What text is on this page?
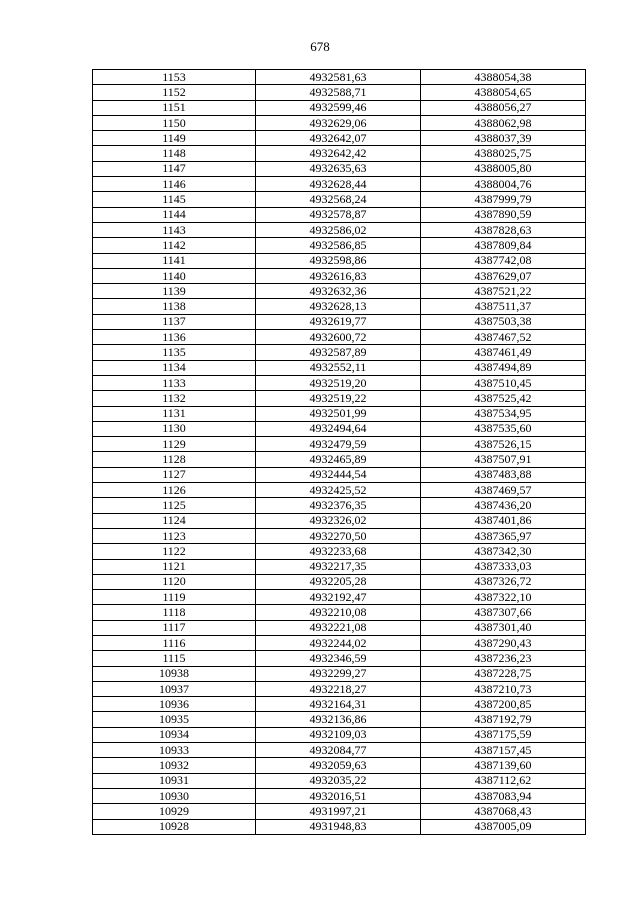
678
1153	4932581,63	4388054,38
1152	4932588,71	4388054,65
1151	4932599,46	4388056,27
1150	4932629,06	4388062,98
1149	4932642,07	4388037,39
1148	4932642,42	4388025,75
1147	4932635,63	4388005,80
1146	4932628,44	4388004,76
1145	4932568,24	4387999,79
1144	4932578,87	4387890,59
1143	4932586,02	4387828,63
1142	4932586,85	4387809,84
1141	4932598,86	4387742,08
1140	4932616,83	4387629,07
1139	4932632,36	4387521,22
1138	4932628,13	4387511,37
1137	4932619,77	4387503,38
1136	4932600,72	4387467,52
1135	4932587,89	4387461,49
1134	4932552,11	4387494,89
1133	4932519,20	4387510,45
1132	4932519,22	4387525,42
1131	4932501,99	4387534,95
1130	4932494,64	4387535,60
1129	4932479,59	4387526,15
1128	4932465,89	4387507,91
1127	4932444,54	4387483,88
1126	4932425,52	4387469,57
1125	4932376,35	4387436,20
1124	4932326,02	4387401,86
1123	4932270,50	4387365,97
1122	4932233,68	4387342,30
1121	4932217,35	4387333,03
1120	4932205,28	4387326,72
1119	4932192,47	4387322,10
1118	4932210,08	4387307,66
1117	4932221,08	4387301,40
1116	4932244,02	4387290,43
1115	4932346,59	4387236,23
10938	4932299,27	4387228,75
10937	4932218,27	4387210,73
10936	4932164,31	4387200,85
10935	4932136,86	4387192,79
10934	4932109,03	4387175,59
10933	4932084,77	4387157,45
10932	4932059,63	4387139,60
10931	4932035,22	4387112,62
10930	4932016,51	4387083,94
10929	4931997,21	4387068,43
10928	4931948,83	4387005,09
